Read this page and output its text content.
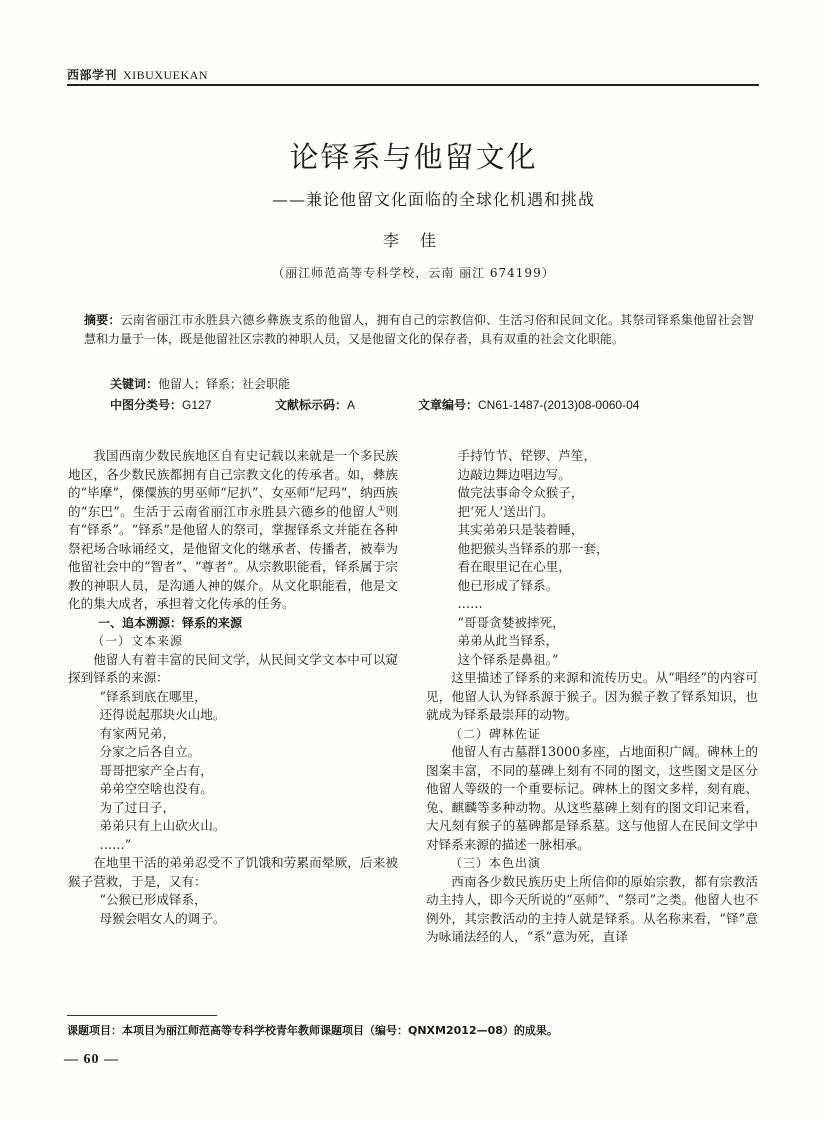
西部学刊 XIBUXUEKAN
论铎系与他留文化
——兼论他留文化面临的全球化机遇和挑战
李 佳
（丽江师范高等专科学校，云南 丽江 674199）
摘要：云南省丽江市永胜县六德乡彝族支系的他留人，拥有自己的宗教信仰、生活习俗和民间文化。其祭司铎系集他留社会智慧和力量于一体，既是他留社区宗教的神职人员，又是他留文化的保存者，具有双重的社会文化职能。
关键词：他留人；铎系；社会职能
中图分类号：G127	文献标示码：A	文章编号：CN61-1487-(2013)08-0060-04

我国西南少数民族地区自有史记载以来就是一个多民族地区，各少数民族都拥有自己宗教文化的传承者。如，彝族的“毕摩”，傈僳族的男巫师“尼扒”、女巫师“尼玛”，纳西族的“东巴”。生活于云南省丽江市永胜县六德乡的他留人①则有“铎系”。“铎系”是他留人的祭司，掌握铎系文并能在各种祭祀场合咏诵经文，是他留文化的继承者、传播者，被奉为他留社会中的“智者”、“尊者”。从宗教职能看，铎系属于宗教的神职人员，是沟通人神的媒介。从文化职能看，他是文化的集大成者，承担着文化传承的任务。

一、追本溯源：铎系的来源

（一）文本来源

他留人有着丰富的民间文学，从民间文学文本中可以窥探到铎系的来源：

“铎系到底在哪里，

还得说起那块火山地。

有家两兄弟，

分家之后各自立。

哥哥把家产全占有，

弟弟空空啥也没有。

为了过日子，

弟弟只有上山砍火山。

……”

在地里干活的弟弟忍受不了饥饿和劳累而晕厥，后来被猴子营救，于是，又有：

“公猴已形成铎系，

母猴会唱女人的调子。

手持竹节、铓锣、芦笙，

边敲边舞边唱边写。

做完法事命令众猴子，

把‘死人’送出门。

其实弟弟只是装着睡，

他把猴头当铎系的那一套，

看在眼里记在心里，

他已形成了铎系。

……

“哥哥贪婪被摔死，

弟弟从此当铎系，

这个铎系是鼻祖。”

这里描述了铎系的来源和流传历史。从“唱经”的内容可见，他留人认为铎系源于猴子。因为猴子教了铎系知识，也就成为铎系最崇拜的动物。

（二）碑林佐证

他留人有古墓群13000多座，占地面积广阔。碑林上的图案丰富，不同的墓碑上刻有不同的图文，这些图文是区分他留人等级的一个重要标记。碑林上的图文多样，刻有鹿、兔、麒麟等多种动物。从这些墓碑上刻有的图文印记来看，大凡刻有猴子的墓碑都是铎系墓。这与他留人在民间文学中对铎系来源的描述一脉相承。

（三）本色出演

西南各少数民族历史上所信仰的原始宗教，都有宗教活动主持人，即今天所说的“巫师”、“祭司”之类。他留人也不例外，其宗教活动的主持人就是铎系。从名称来看，“铎”意为咏诵法经的人，“系”意为死，直译

课题项目：本项目为丽江师范高等专科学校青年教师课题项目（编号：QNXM2012—08）的成果。
— 60 —
